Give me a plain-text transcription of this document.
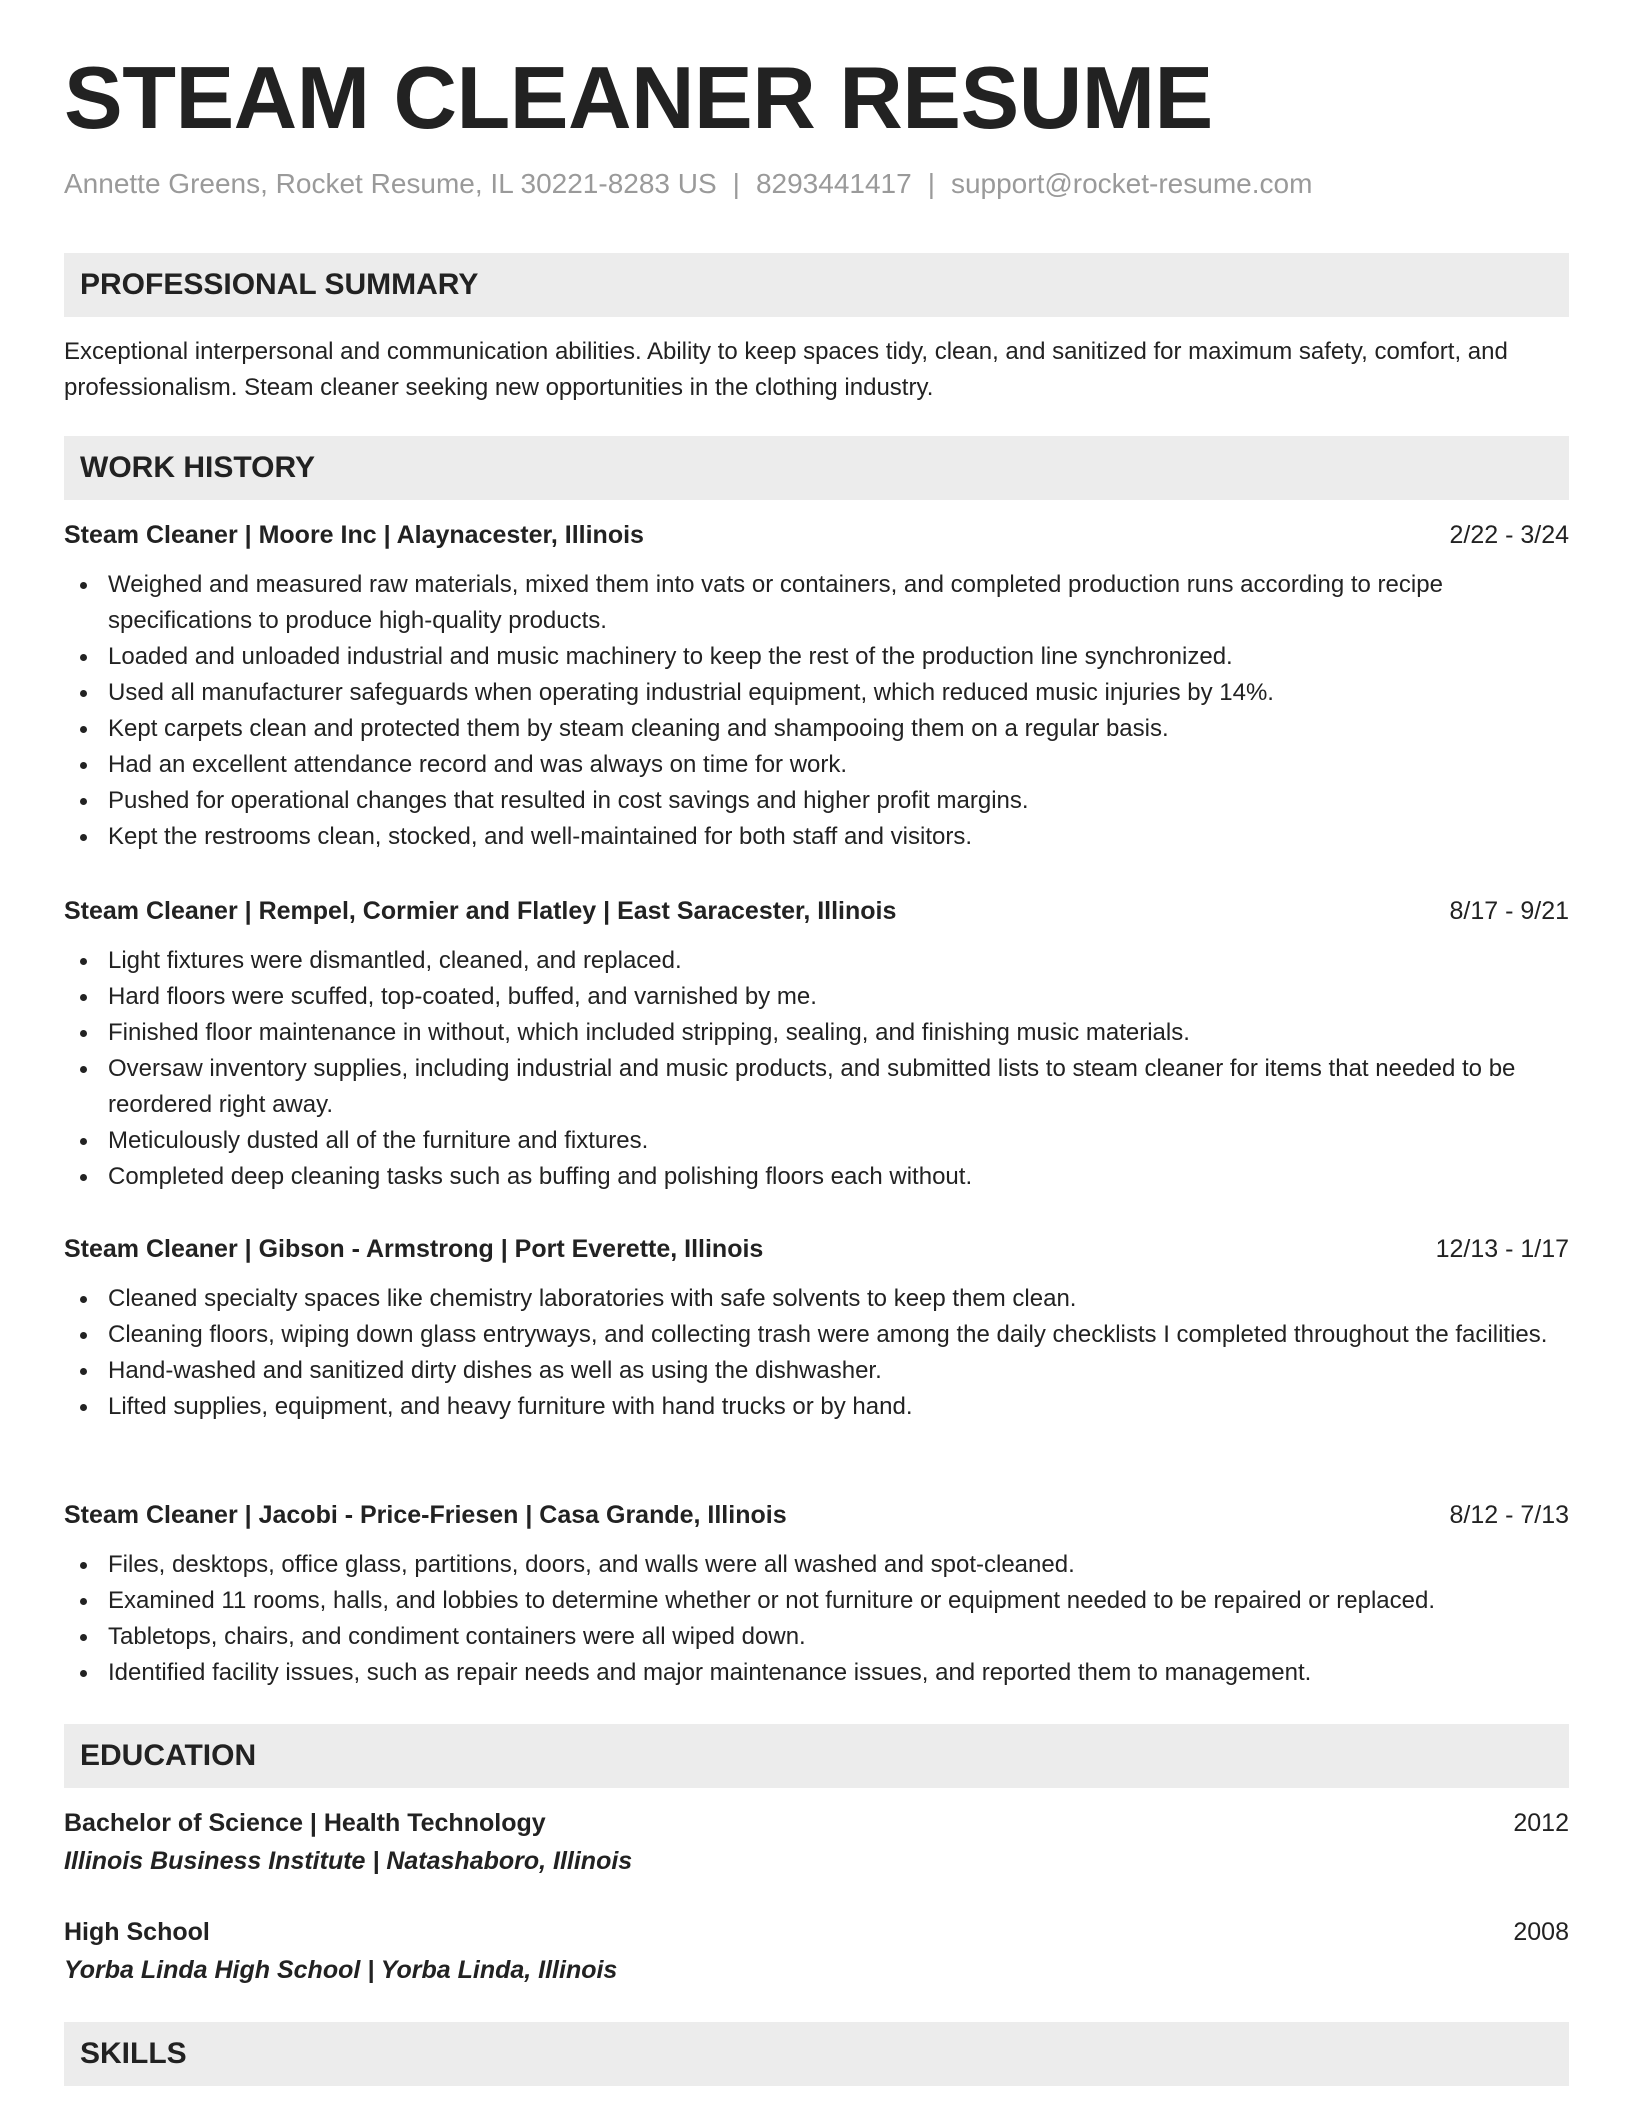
STEAM CLEANER RESUME
Annette Greens, Rocket Resume, IL 30221-8283 US | 8293441417 | support@rocket-resume.com
PROFESSIONAL SUMMARY

Exceptional interpersonal and communication abilities. Ability to keep spaces tidy, clean, and sanitized for maximum safety, comfort, and professionalism. Steam cleaner seeking new opportunities in the clothing industry.

WORK HISTORY
Steam Cleaner | Moore Inc | Alaynacester, Illinois	2/22 - 3/24
Weighed and measured raw materials, mixed them into vats or containers, and completed production runs according to recipe specifications to produce high-quality products.
Loaded and unloaded industrial and music machinery to keep the rest of the production line synchronized.
Used all manufacturer safeguards when operating industrial equipment, which reduced music injuries by 14%.
Kept carpets clean and protected them by steam cleaning and shampooing them on a regular basis.
Had an excellent attendance record and was always on time for work.
Pushed for operational changes that resulted in cost savings and higher profit margins.
Kept the restrooms clean, stocked, and well-maintained for both staff and visitors.
Steam Cleaner | Rempel, Cormier and Flatley | East Saracester, Illinois	8/17 - 9/21
Light fixtures were dismantled, cleaned, and replaced.
Hard floors were scuffed, top-coated, buffed, and varnished by me.
Finished floor maintenance in without, which included stripping, sealing, and finishing music materials.
Oversaw inventory supplies, including industrial and music products, and submitted lists to steam cleaner for items that needed to be reordered right away.
Meticulously dusted all of the furniture and fixtures.
Completed deep cleaning tasks such as buffing and polishing floors each without.
Steam Cleaner | Gibson - Armstrong | Port Everette, Illinois	12/13 - 1/17
Cleaned specialty spaces like chemistry laboratories with safe solvents to keep them clean.
Cleaning floors, wiping down glass entryways, and collecting trash were among the daily checklists I completed throughout the facilities.
Hand-washed and sanitized dirty dishes as well as using the dishwasher.
Lifted supplies, equipment, and heavy furniture with hand trucks or by hand.
Steam Cleaner | Jacobi - Price-Friesen | Casa Grande, Illinois	8/12 - 7/13
Files, desktops, office glass, partitions, doors, and walls were all washed and spot-cleaned.
Examined 11 rooms, halls, and lobbies to determine whether or not furniture or equipment needed to be repaired or replaced.
Tabletops, chairs, and condiment containers were all wiped down.
Identified facility issues, such as repair needs and major maintenance issues, and reported them to management.
EDUCATION
Bachelor of Science | Health Technology	2012
Illinois Business Institute | Natashaboro, Illinois
High School	2008
Yorba Linda High School | Yorba Linda, Illinois
SKILLS
